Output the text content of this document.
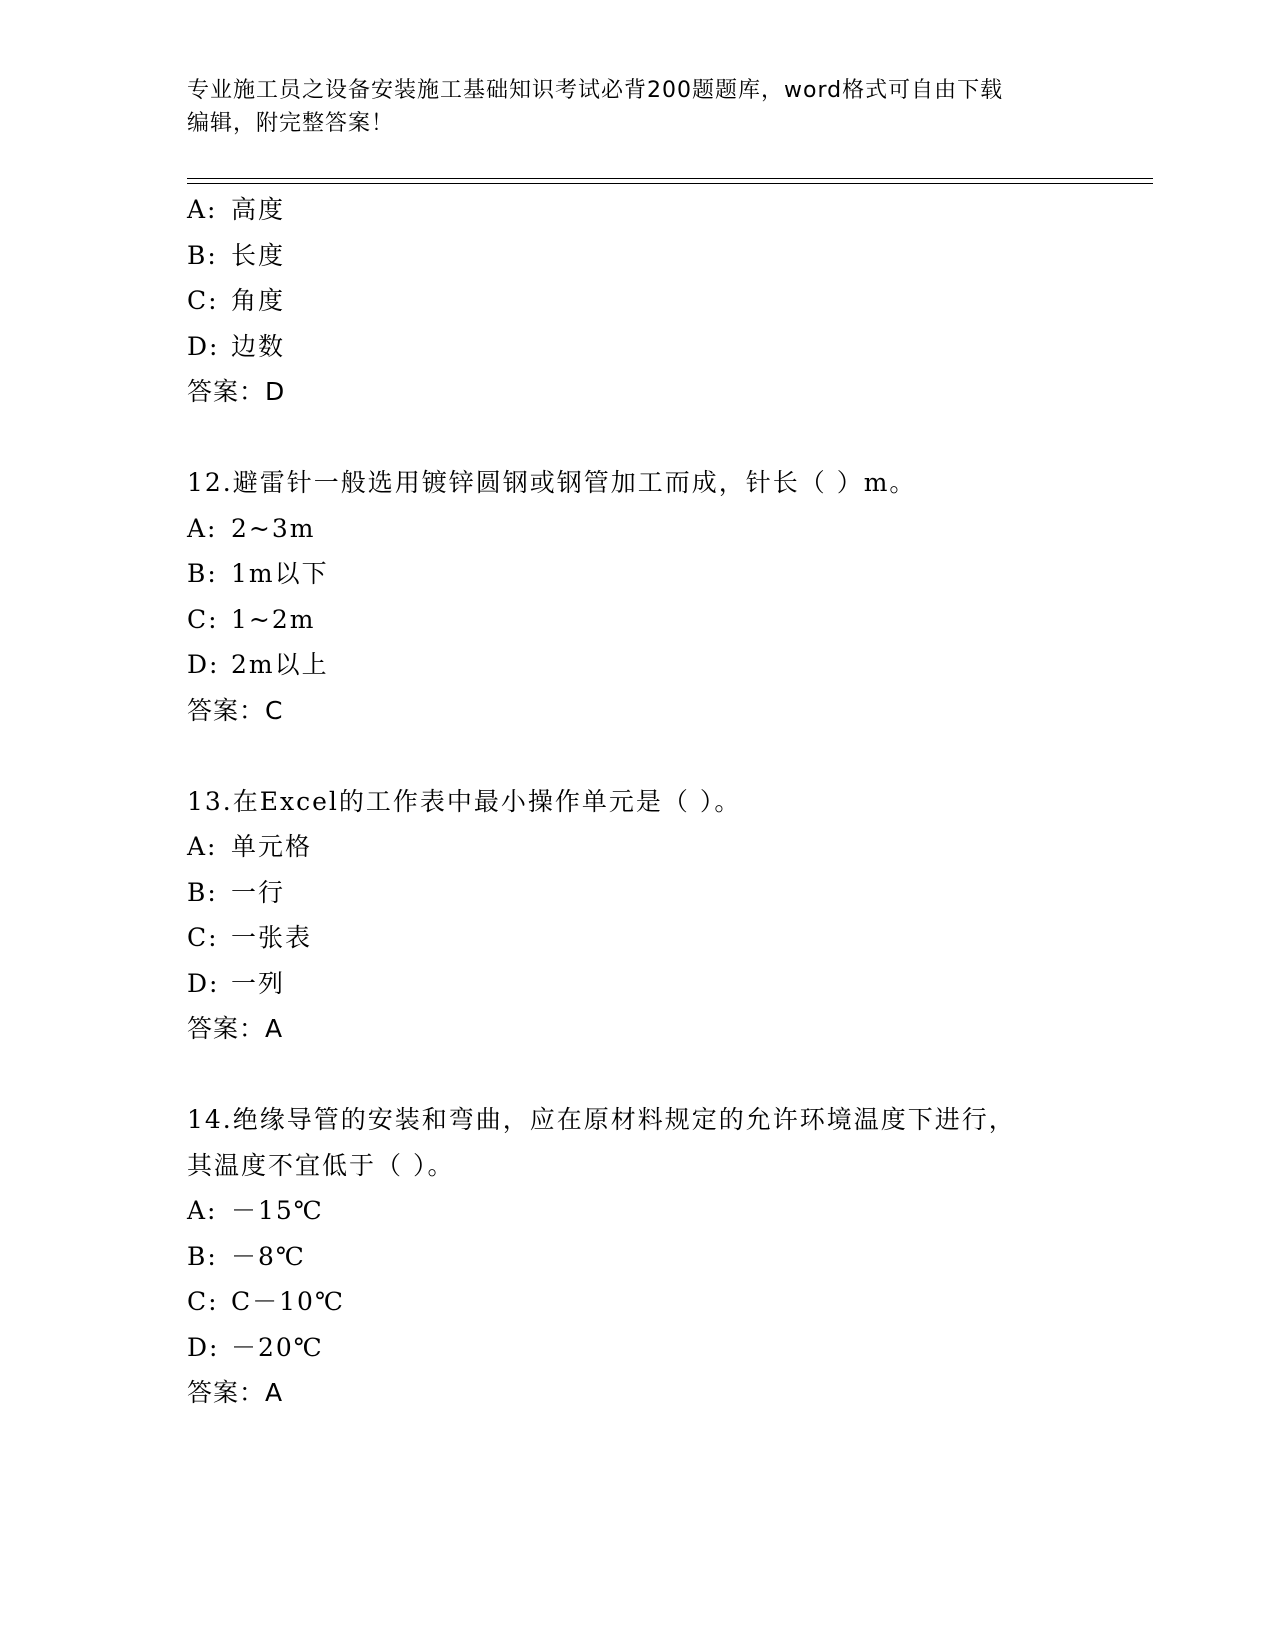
专业施工员之设备安装施工基础知识考试必背200题题库，word格式可自由下载
编辑，附完整答案！
A: 高度
B: 长度
C: 角度
D: 边数
答案：D
12.避雷针一般选用镀锌圆钢或钢管加工而成，针长（ ）m。
A: 2~3m
B: 1m以下
C: 1~2m
D: 2m以上
答案：C
13.在Excel的工作表中最小操作单元是（ ）。
A: 单元格
B: 一行
C: 一张表
D: 一列
答案：A
14.绝缘导管的安装和弯曲，应在原材料规定的允许环境温度下进行，
其温度不宜低于（ ）。
A: －15℃
B: －8℃
C: C－10℃
D: －20℃
答案：A
